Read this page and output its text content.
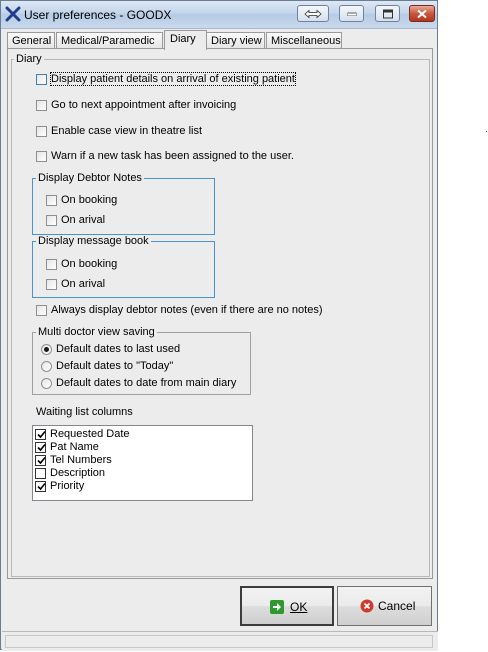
User preferences - GOODX
General Medical/Paramedic	Diary	Diary view Miscellaneous
Diary
Display patient details on arrival of existing patient
Go to next appointment after invoicing
Enable case view in theatre list
Warn if a new task has been assigned to the user.
Display Debtor Notes
On booking
On arival
Display message book
On booking
On arival
Always display debtor notes (even if there are no notes)
Multi doctor view saving
Default dates to last used
Default dates to "Today"
Default dates to date from main diary
Waiting list columns
Requested Date
Pat Name
Tel Numbers
Description
Priority
OK	Cancel
